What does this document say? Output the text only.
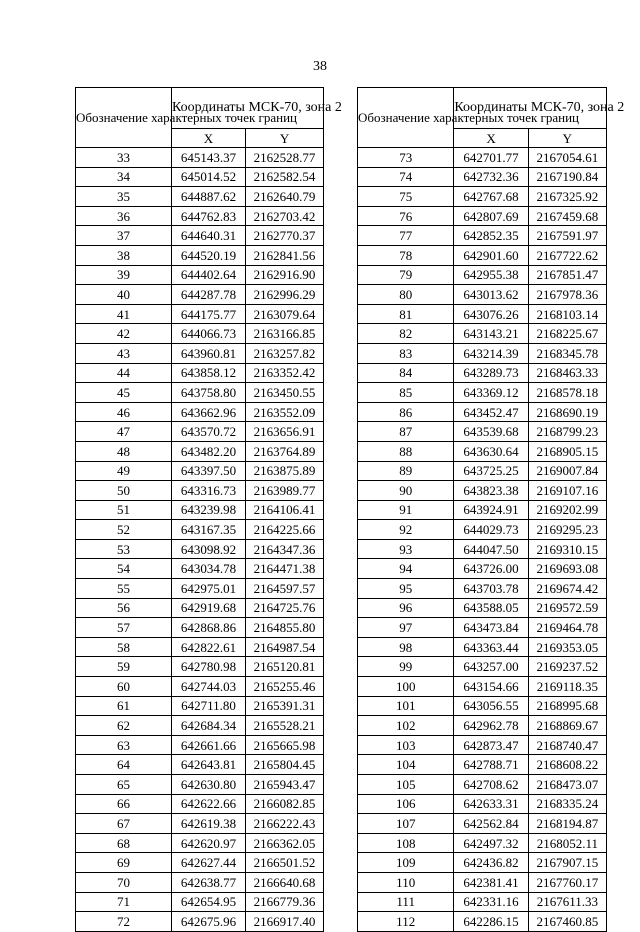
38
Обозначение характерных точек границ	Координаты МСК-70, зона 2	
	X	Y
33	645143.37	2162528.77
34	645014.52	2162582.54
35	644887.62	2162640.79
36	644762.83	2162703.42
37	644640.31	2162770.37
38	644520.19	2162841.56
39	644402.64	2162916.90
40	644287.78	2162996.29
41	644175.77	2163079.64
42	644066.73	2163166.85
43	643960.81	2163257.82
44	643858.12	2163352.42
45	643758.80	2163450.55
46	643662.96	2163552.09
47	643570.72	2163656.91
48	643482.20	2163764.89
49	643397.50	2163875.89
50	643316.73	2163989.77
51	643239.98	2164106.41
52	643167.35	2164225.66
53	643098.92	2164347.36
54	643034.78	2164471.38
55	642975.01	2164597.57
56	642919.68	2164725.76
57	642868.86	2164855.80
58	642822.61	2164987.54
59	642780.98	2165120.81
60	642744.03	2165255.46
61	642711.80	2165391.31
62	642684.34	2165528.21
63	642661.66	2165665.98
64	642643.81	2165804.45
65	642630.80	2165943.47
66	642622.66	2166082.85
67	642619.38	2166222.43
68	642620.97	2166362.05
69	642627.44	2166501.52
70	642638.77	2166640.68
71	642654.95	2166779.36
72	642675.96	2166917.40
Обозначение характерных точек границ	Координаты МСК-70, зона 2	
	X	Y
73	642701.77	2167054.61
74	642732.36	2167190.84
75	642767.68	2167325.92
76	642807.69	2167459.68
77	642852.35	2167591.97
78	642901.60	2167722.62
79	642955.38	2167851.47
80	643013.62	2167978.36
81	643076.26	2168103.14
82	643143.21	2168225.67
83	643214.39	2168345.78
84	643289.73	2168463.33
85	643369.12	2168578.18
86	643452.47	2168690.19
87	643539.68	2168799.23
88	643630.64	2168905.15
89	643725.25	2169007.84
90	643823.38	2169107.16
91	643924.91	2169202.99
92	644029.73	2169295.23
93	644047.50	2169310.15
94	643726.00	2169693.08
95	643703.78	2169674.42
96	643588.05	2169572.59
97	643473.84	2169464.78
98	643363.44	2169353.05
99	643257.00	2169237.52
100	643154.66	2169118.35
101	643056.55	2168995.68
102	642962.78	2168869.67
103	642873.47	2168740.47
104	642788.71	2168608.22
105	642708.62	2168473.07
106	642633.31	2168335.24
107	642562.84	2168194.87
108	642497.32	2168052.11
109	642436.82	2167907.15
110	642381.41	2167760.17
111	642331.16	2167611.33
112	642286.15	2167460.85
